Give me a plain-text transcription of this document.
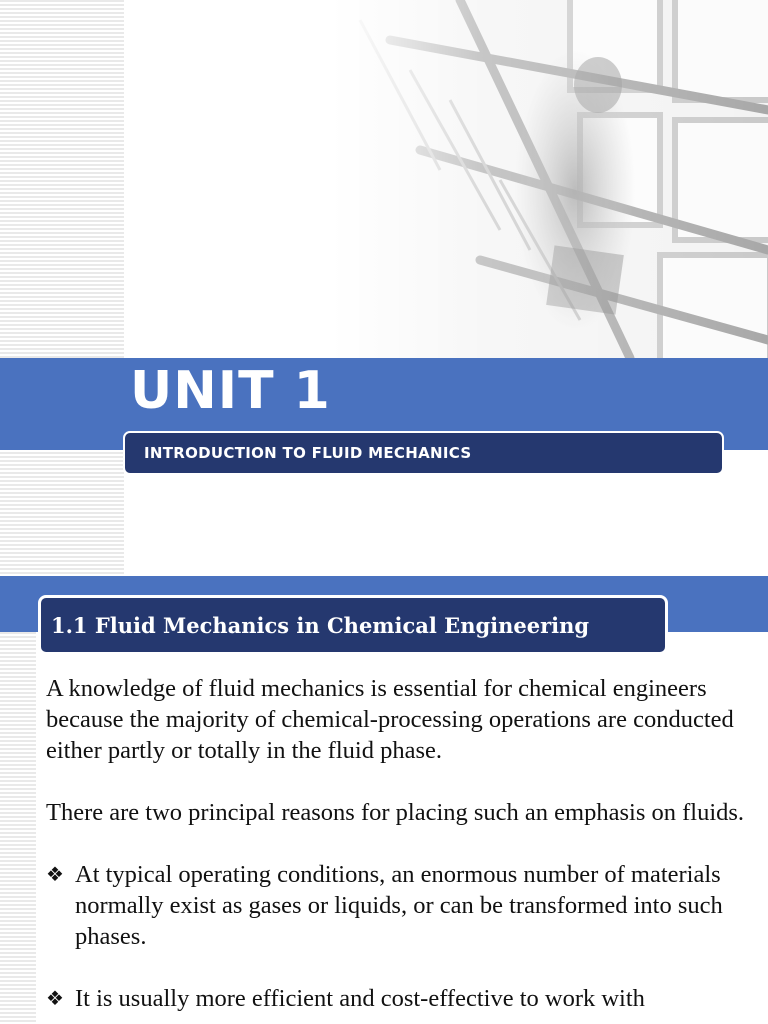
UNIT 1
INTRODUCTION TO FLUID MECHANICS
1.1 Fluid Mechanics in Chemical Engineering

A knowledge of fluid mechanics is essential for chemical engineers because the majority of chemical-processing operations are conducted either partly or totally in the fluid phase.

There are two principal reasons for placing such an emphasis on fluids.

❖ At typical operating conditions, an enormous number of materials normally exist as gases or liquids, or can be transformed into such phases.
❖ It is usually more efficient and cost-effective to work with
